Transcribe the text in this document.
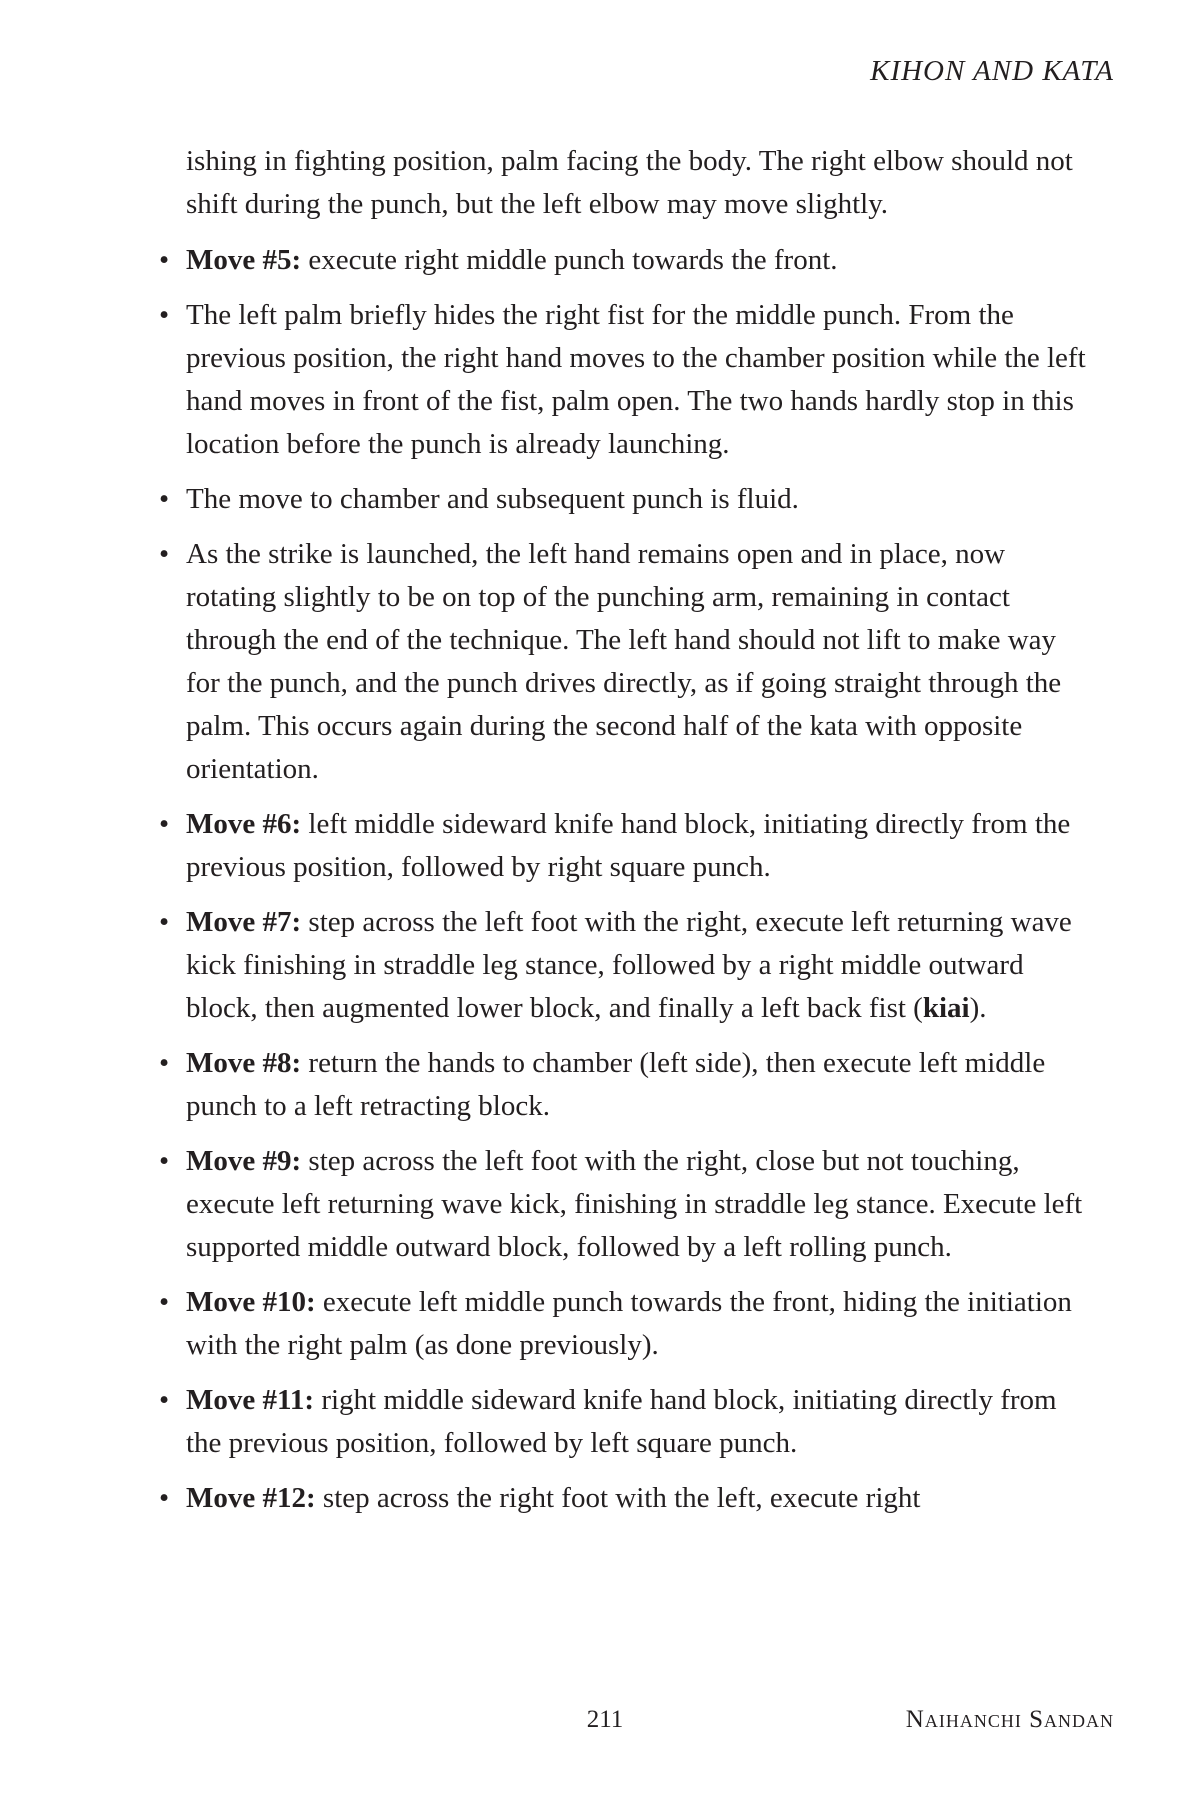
KIHON AND KATA

ishing in fighting position, palm facing the body. The right elbow should not shift during the punch, but the left elbow may move slightly.

• Move #5: execute right middle punch towards the front.
• The left palm briefly hides the right fist for the middle punch. From the previous position, the right hand moves to the chamber position while the left hand moves in front of the fist, palm open. The two hands hardly stop in this location before the punch is already launching.
• The move to chamber and subsequent punch is fluid.
• As the strike is launched, the left hand remains open and in place, now rotating slightly to be on top of the punching arm, remaining in contact through the end of the technique. The left hand should not lift to make way for the punch, and the punch drives directly, as if going straight through the palm. This occurs again during the second half of the kata with opposite orientation.
• Move #6: left middle sideward knife hand block, initiating directly from the previous position, followed by right square punch.
• Move #7: step across the left foot with the right, execute left returning wave kick finishing in straddle leg stance, followed by a right middle outward block, then augmented lower block, and finally a left back fist (kiai).
• Move #8: return the hands to chamber (left side), then execute left middle punch to a left retracting block.
• Move #9: step across the left foot with the right, close but not touching, execute left returning wave kick, finishing in straddle leg stance. Execute left supported middle outward block, followed by a left rolling punch.
• Move #10: execute left middle punch towards the front, hiding the initiation with the right palm (as done previously).
• Move #11: right middle sideward knife hand block, initiating directly from the previous position, followed by left square punch.
• Move #12: step across the right foot with the left, execute right
211	Naihanchi Sandan
